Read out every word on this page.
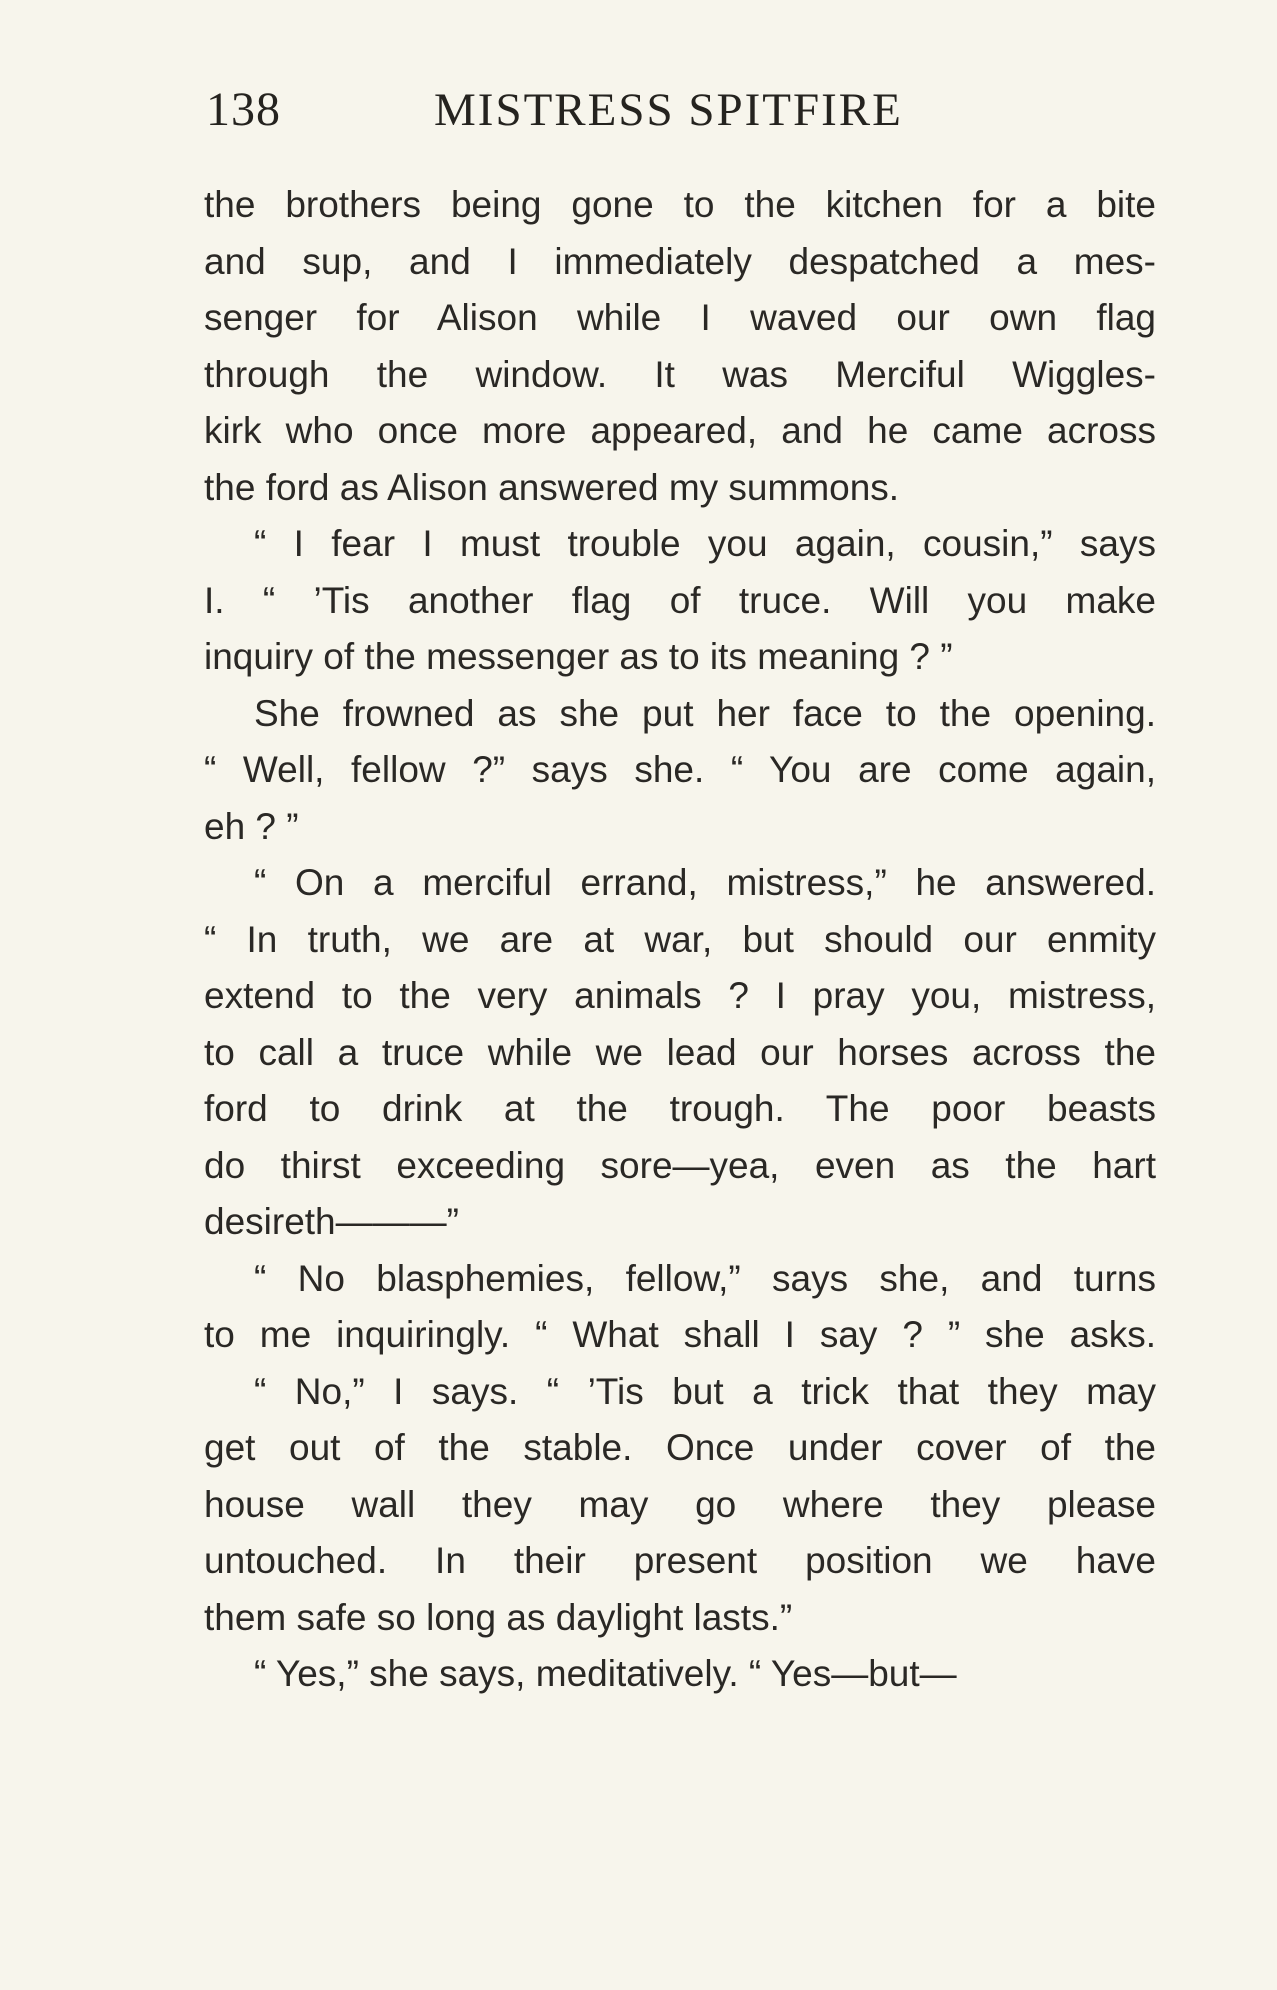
138	MISTRESS SPITFIRE
the brothers being gone to the kitchen for a bite
and sup, and I immediately despatched a mes-
senger for Alison while I waved our own flag
through the window. It was Merciful Wiggles-
kirk who once more appeared, and he came across
the ford as Alison answered my summons.
“ I fear I must trouble you again, cousin,” says
I. “ ’Tis another flag of truce. Will you make
inquiry of the messenger as to its meaning ? ”
She frowned as she put her face to the opening.
“ Well, fellow ?” says she. “ You are come again,
eh ? ”
“ On a merciful errand, mistress,” he answered.
“ In truth, we are at war, but should our enmity
extend to the very animals ? I pray you, mistress,
to call a truce while we lead our horses across the
ford to drink at the trough. The poor beasts
do thirst exceeding sore—yea, even as the hart
desireth———”
“ No blasphemies, fellow,” says she, and turns
to me inquiringly. “ What shall I say ? ” she asks.
“ No,” I says. “ ’Tis but a trick that they may
get out of the stable. Once under cover of the
house wall they may go where they please
untouched. In their present position we have
them safe so long as daylight lasts.”
“ Yes,” she says, meditatively. “ Yes—but—
